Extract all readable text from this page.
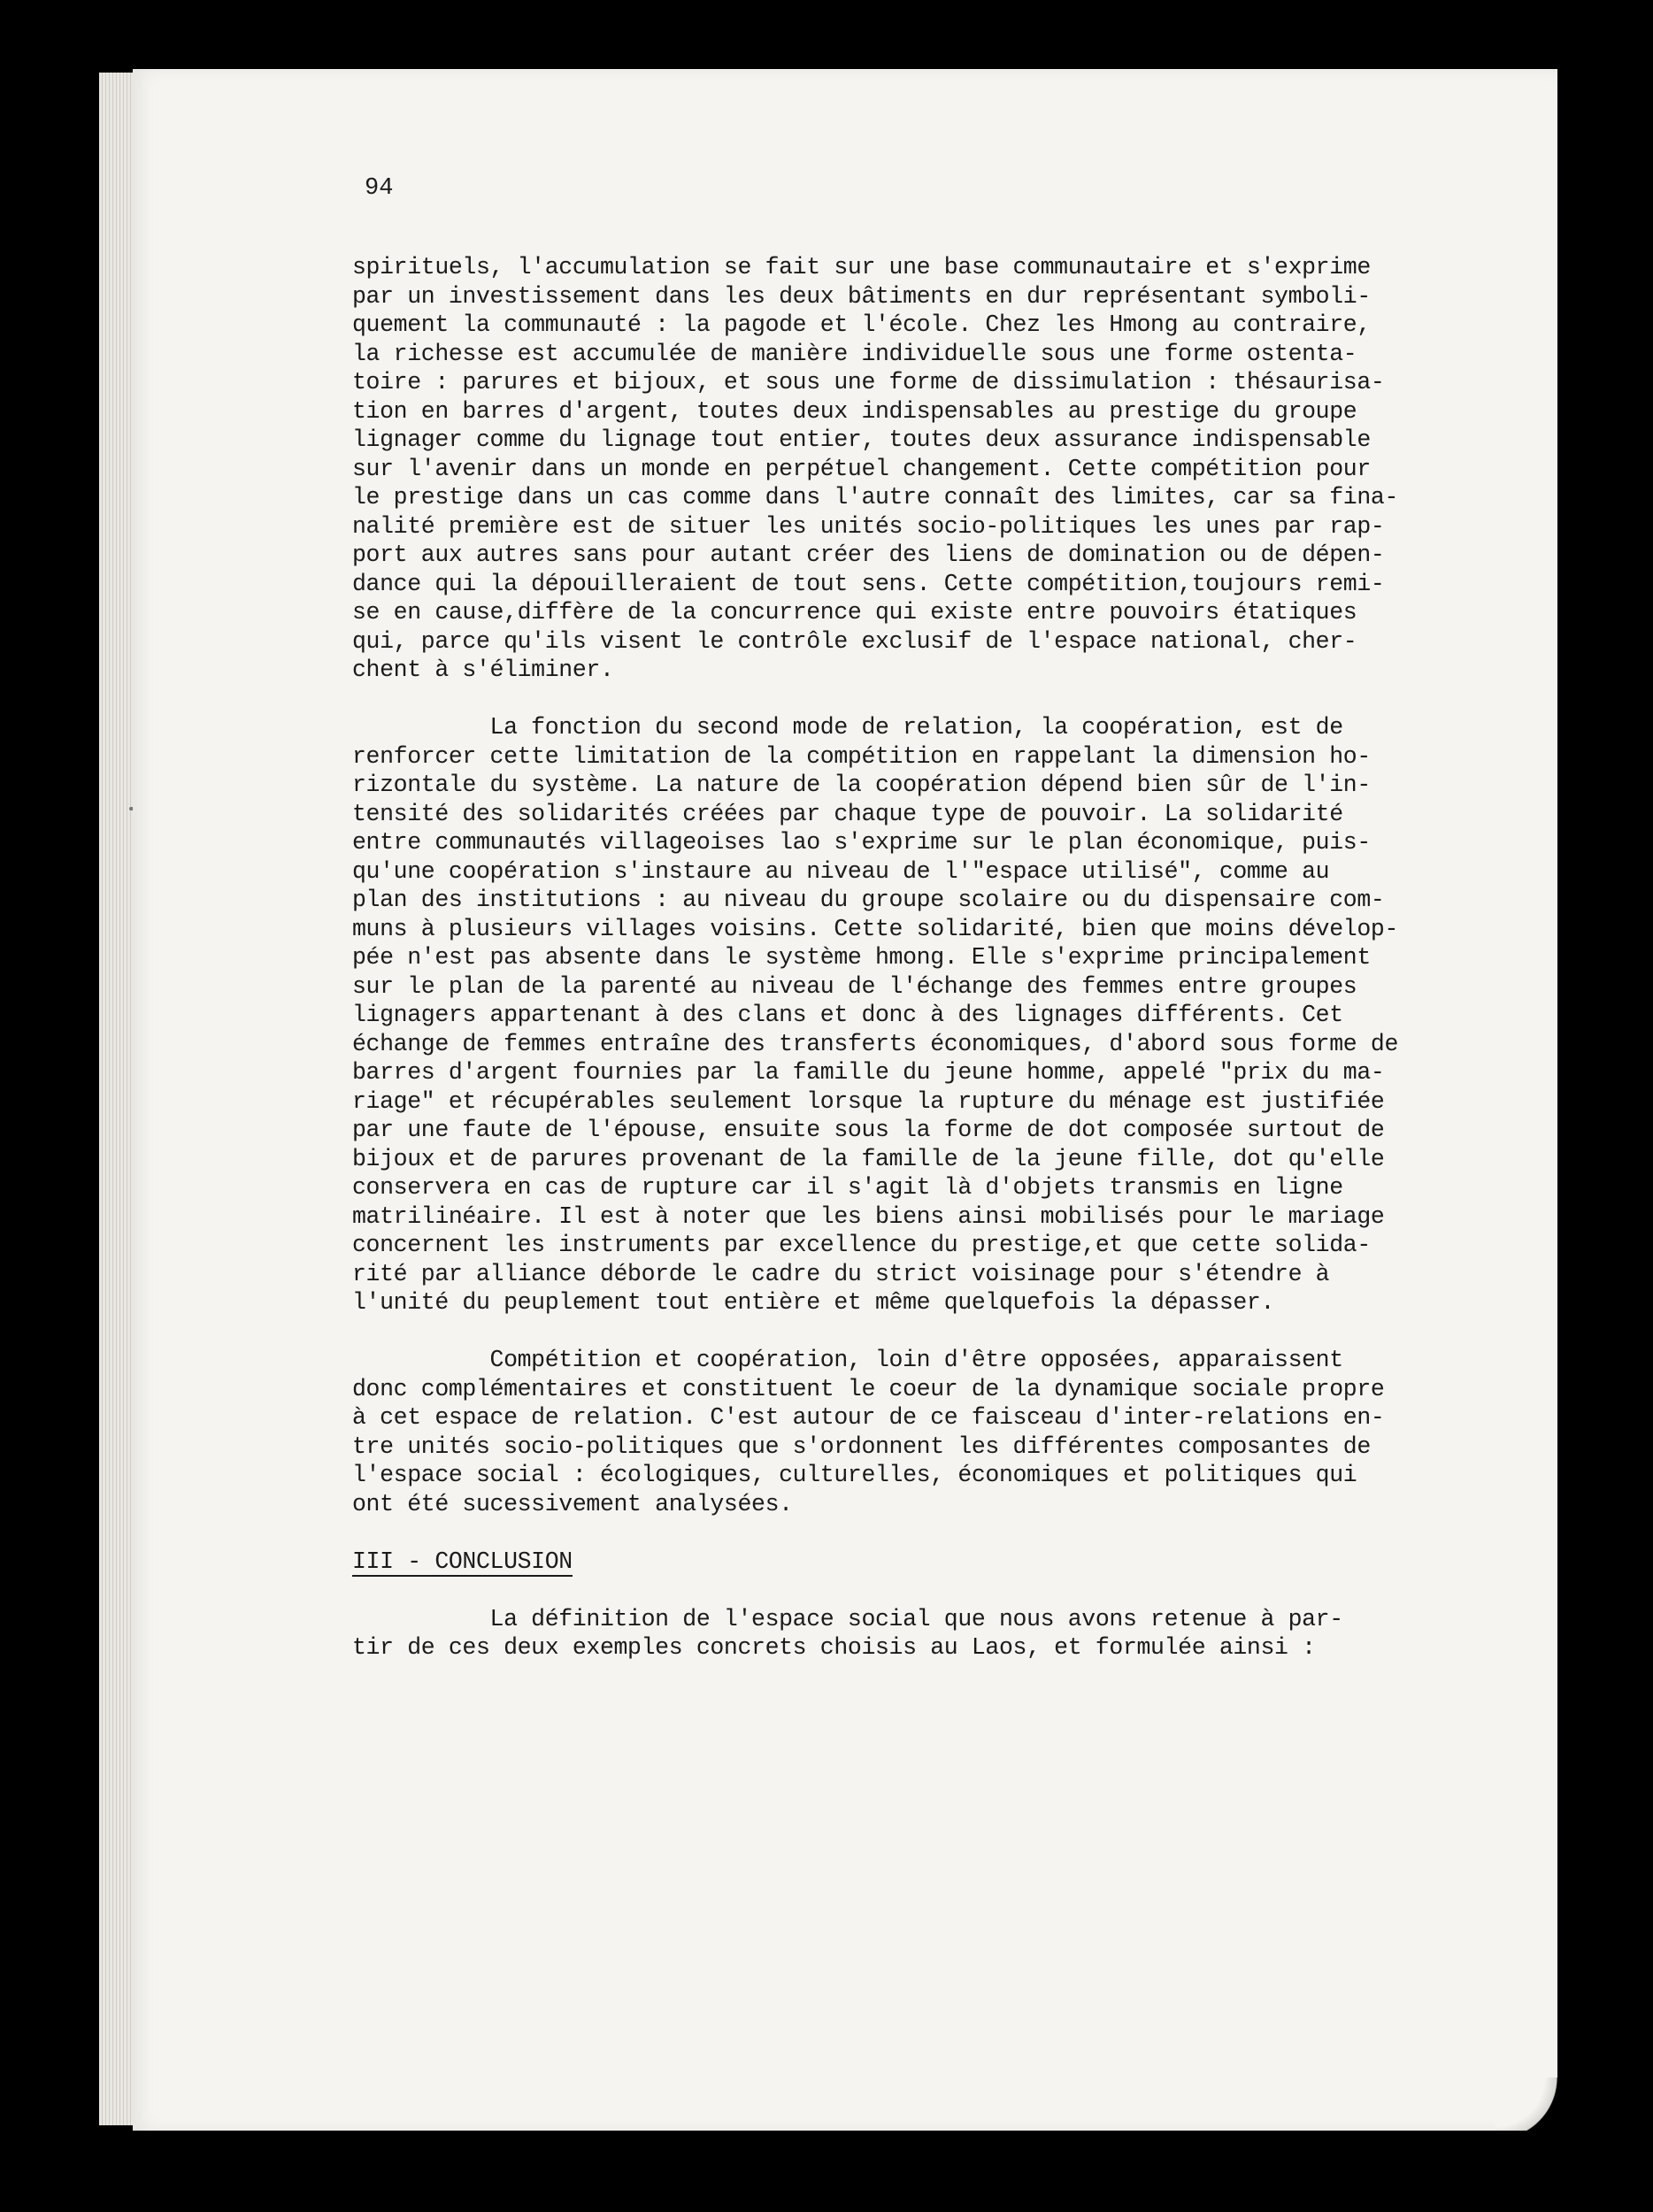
94

spirituels, l'accumulation se fait sur une base communautaire et s'exprime
par un investissement dans les deux bâtiments en dur représentant symboli-
quement la communauté : la pagode et l'école. Chez les Hmong au contraire,
la richesse est accumulée de manière individuelle sous une forme ostenta-
toire : parures et bijoux, et sous une forme de dissimulation : thésaurisa-
tion en barres d'argent, toutes deux indispensables au prestige du groupe
lignager comme du lignage tout entier, toutes deux assurance indispensable
sur l'avenir dans un monde en perpétuel changement. Cette compétition pour
le prestige dans un cas comme dans l'autre connaît des limites, car sa fina-
nalité première est de situer les unités socio-politiques les unes par rap-
port aux autres sans pour autant créer des liens de domination ou de dépen-
dance qui la dépouilleraient de tout sens. Cette compétition,toujours remi-
se en cause,diffère de la concurrence qui existe entre pouvoirs étatiques
qui, parce qu'ils visent le contrôle exclusif de l'espace national, cher-
chent à s'éliminer.

La fonction du second mode de relation, la coopération, est de
renforcer cette limitation de la compétition en rappelant la dimension ho-
rizontale du système. La nature de la coopération dépend bien sûr de l'in-
tensité des solidarités créées par chaque type de pouvoir. La solidarité
entre communautés villageoises lao s'exprime sur le plan économique, puis-
qu'une coopération s'instaure au niveau de l'"espace utilisé", comme au
plan des institutions : au niveau du groupe scolaire ou du dispensaire com-
muns à plusieurs villages voisins. Cette solidarité, bien que moins dévelop-
pée n'est pas absente dans le système hmong. Elle s'exprime principalement
sur le plan de la parenté au niveau de l'échange des femmes entre groupes
lignagers appartenant à des clans et donc à des lignages différents. Cet
échange de femmes entraîne des transferts économiques, d'abord sous forme de
barres d'argent fournies par la famille du jeune homme, appelé "prix du ma-
riage" et récupérables seulement lorsque la rupture du ménage est justifiée
par une faute de l'épouse, ensuite sous la forme de dot composée surtout de
bijoux et de parures provenant de la famille de la jeune fille, dot qu'elle
conservera en cas de rupture car il s'agit là d'objets transmis en ligne
matrilinéaire. Il est à noter que les biens ainsi mobilisés pour le mariage
concernent les instruments par excellence du prestige,et que cette solida-
rité par alliance déborde le cadre du strict voisinage pour s'étendre à
l'unité du peuplement tout entière et même quelquefois la dépasser.

Compétition et coopération, loin d'être opposées, apparaissent
donc complémentaires et constituent le coeur de la dynamique sociale propre
à cet espace de relation. C'est autour de ce faisceau d'inter-relations en-
tre unités socio-politiques que s'ordonnent les différentes composantes de
l'espace social : écologiques, culturelles, économiques et politiques qui
ont été sucessivement analysées.

III - CONCLUSION

La définition de l'espace social que nous avons retenue à par-
tir de ces deux exemples concrets choisis au Laos, et formulée ainsi :
